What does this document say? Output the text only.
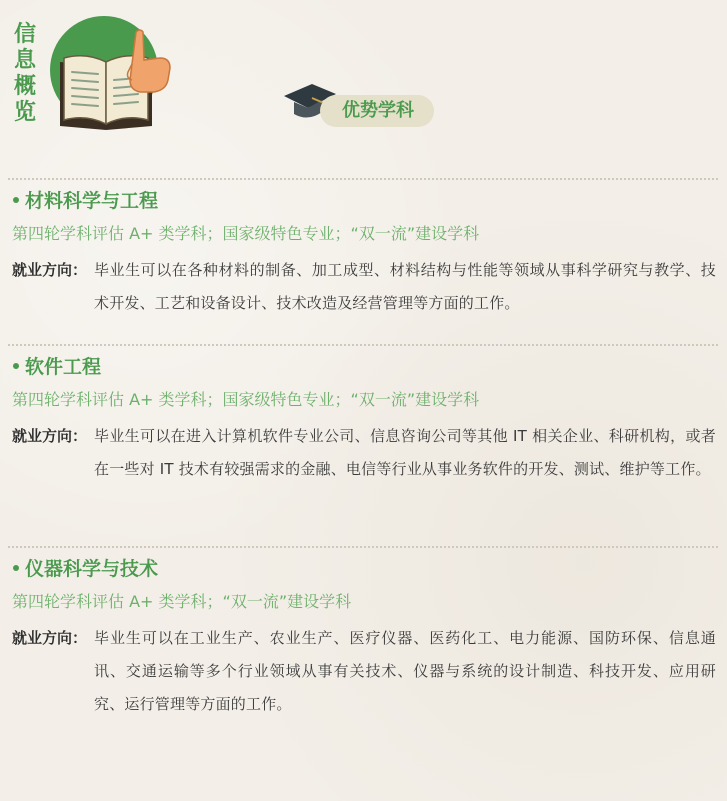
信息概览	优势学科
材料科学与工程
第四轮学科评估 A+ 类学科；国家级特色专业；“双一流”建设学科
就业方向： 毕业生可以在各种材料的制备、加工成型、材料结构与性能等领域从事科学研究与教学、技术开发、工艺和设备设计、技术改造及经营管理等方面的工作。
软件工程
第四轮学科评估 A+ 类学科；国家级特色专业；“双一流”建设学科
就业方向： 毕业生可以在进入计算机软件专业公司、信息咨询公司等其他 IT 相关企业、科研机构，或者在一些对 IT 技术有较强需求的金融、电信等行业从事业务软件的开发、测试、维护等工作。
仪器科学与技术
第四轮学科评估 A+ 类学科；“双一流”建设学科
就业方向： 毕业生可以在工业生产、农业生产、医疗仪器、医药化工、电力能源、国防环保、信息通讯、交通运输等多个行业领域从事有关技术、仪器与系统的设计制造、科技开发、应用研究、运行管理等方面的工作。
